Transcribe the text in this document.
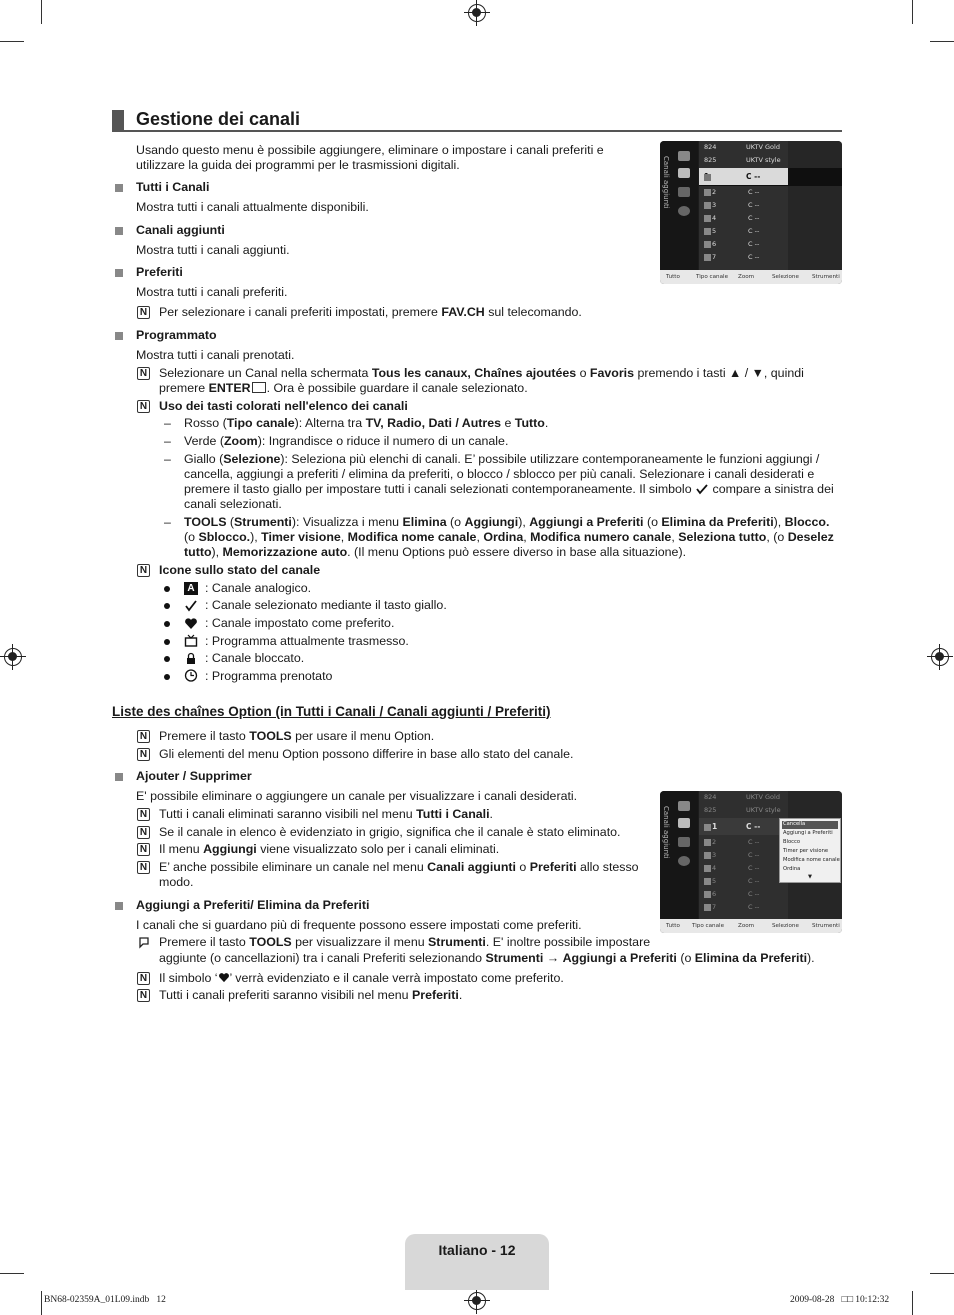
Gestione dei canali
Usando questo menu è possibile aggiungere, eliminare o impostare i canali preferiti e utilizzare la guida dei programmi per le trasmissioni digitali.
Tutti i Canali
Mostra tutti i canali attualmente disponibili.
Canali aggiunti
Mostra tutti i canali aggiunti.
Preferiti
Mostra tutti i canali preferiti.
N Per selezionare i canali preferiti impostati, premere FAV.CH sul telecomando.
Canali aggiunti
824	UKTV Gold
825	UKTV style
C --
2	C --
3	C --
4	C --
5	C --
6	C --
7	C --
Tutto	Tipo canale Zoom	Selezione Strumenti
Programmato
Mostra tutti i canali prenotati.
N Selezionare un Canal nella schermata Tous les canaux, Chaînes ajoutées o Favoris premendo i tasti ▲ / ▼, quindi
premere ENTER . Ora è possibile guardare il canale selezionato.
N Uso dei tasti colorati nell'elenco dei canali
– Rosso (Tipo canale): Alterna tra TV, Radio, Dati / Autres e Tutto.
– Verde (Zoom): Ingrandisce o riduce il numero di un canale.
– Giallo (Selezione): Seleziona più elenchi di canali. E’ possibile utilizzare contemporaneamente le funzioni aggiungi /
cancella, aggiungi a preferiti / elimina da preferiti, o blocco / sblocco per più canali. Selezionare i canali desiderati e
premere il tasto giallo per impostare tutti i canali selezionati contemporaneamente. Il simbolo compare a sinistra dei
canali selezionati.
– TOOLS (Strumenti): Visualizza i menu Elimina (o Aggiungi), Aggiungi a Preferiti (o Elimina da Preferiti), Blocco.
(o Sblocco.), Timer visione, Modifica nome canale, Ordina, Modifica numero canale, Seleziona tutto, (o Deselez
tutto), Memorizzazione auto. (Il menu Options può essere diverso in base alla situazione).
N Icone sullo stato del canale
A : Canale analogico.
: Canale selezionato mediante il tasto giallo.
: Canale impostato come preferito.
: Programma attualmente trasmesso.
: Canale bloccato.
: Programma prenotato
Liste des chaînes Option (in Tutti i Canali / Canali aggiunti / Preferiti)
N Premere il tasto TOOLS per usare il menu Option.
N Gli elementi del menu Option possono differire in base allo stato del canale.
Ajouter / Supprimer
E' possibile eliminare o aggiungere un canale per visualizzare i canali desiderati.
N Tutti i canali eliminati saranno visibili nel menu Tutti i Canali.
N Se il canale in elenco è evidenziato in grigio, significa che il canale è stato eliminato.
N Il menu Aggiungi viene visualizzato solo per i canali eliminati.
N E’ anche possibile eliminare un canale nel menu Canali aggiunti o Preferiti allo stesso
modo.
Canali aggiunti
824	UKTV Gold
825	UKTV style
1	C --
2	C --
3	C --
4	C --
5	C --
6	C --
7	C --
Cancella
Aggiungi a Preferiti
Blocco
Timer per visione
Modifica nome canale
Ordina
▼
Tutto Tipo canale Zoom	Selezione Strumenti
Aggiungi a Preferiti/ Elimina da Preferiti
I canali che si guardano più di frequente possono essere impostati come preferiti.
Premere il tasto TOOLS per visualizzare il menu Strumenti. E' inoltre possibile impostare
aggiunte (o cancellazioni) tra i canali Preferiti selezionando Strumenti → Aggiungi a Preferiti (o Elimina da Preferiti).
N Il simbolo ‘ ’ verrà evidenziato e il canale verrà impostato come preferito.
N Tutti i canali preferiti saranno visibili nel menu Preferiti.
Italiano - 12
BN68-02359A_01L09.indb   12	2009-08-28   □□ 10:12:32
